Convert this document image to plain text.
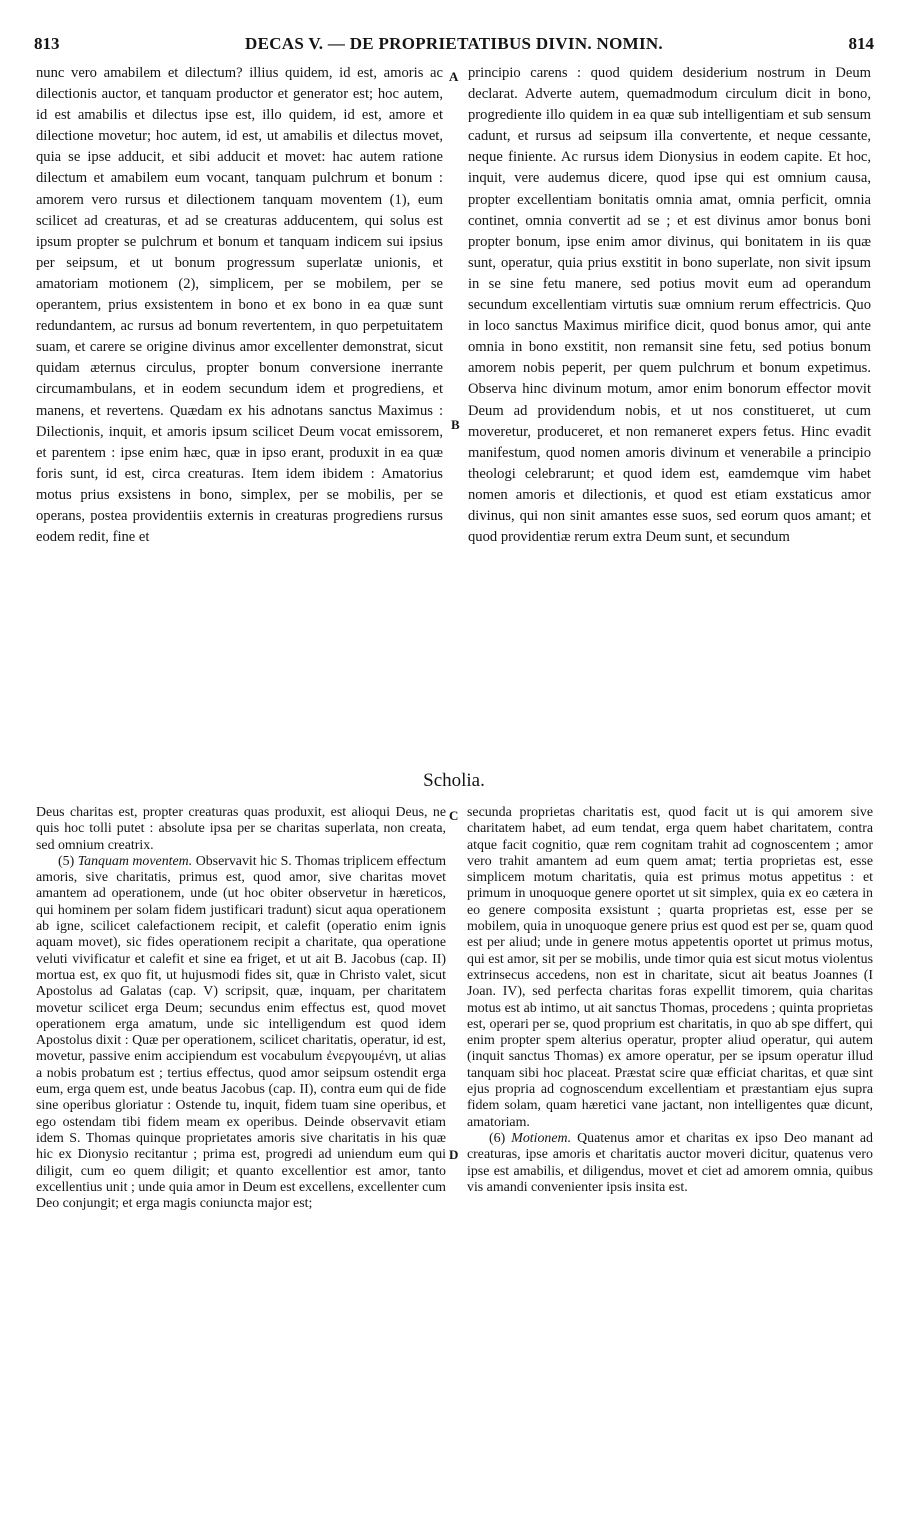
813	DECAS V. — DE PROPRIETATIBUS DIVIN. NOMIN.	814

nunc vero amabilem et dilectum? illius quidem, id est, amoris ac dilectionis auctor, et tanquam productor et generator est; hoc autem, id est amabilis et dilectus ipse est, illo quidem, id est, amore et dilectione movetur; hoc autem, id est, ut amabilis et dilectus movet, quia se ipse adducit, et sibi adducit et movet: hac autem ratione dilectum et amabilem eum vocant, tanquam pulchrum et bonum : amorem vero rursus et dilectionem tanquam moventem (1), eum scilicet ad creaturas, et ad se creaturas adducentem, qui solus est ipsum propter se pulchrum et bonum et tanquam indicem sui ipsius per seipsum, et ut bonum progressum superlatæ unionis, et amatoriam motionem (2), simplicem, per se mobilem, per se operantem, prius exsistentem in bono et ex bono in ea quæ sunt redundantem, ac rursus ad bonum revertentem, in quo perpetuitatem suam, et carere se origine divinus amor excellenter demonstrat, sicut quidam æternus circulus, propter bonum conversione inerrante circumambulans, et in eodem secundum idem et progrediens, et manens, et revertens. Quædam ex his adnotans sanctus Maximus : Dilectionis, inquit, et amoris ipsum scilicet Deum vocat emissorem, et parentem : ipse enim hæc, quæ in ipso erant, produxit in ea quæ foris sunt, id est, circa creaturas. Item idem ibidem : Amatorius motus prius exsistens in bono, simplex, per se mobilis, per se operans, postea providentiis externis in creaturas progrediens rursus eodem redit, fine et

principio carens : quod quidem desiderium nostrum in Deum declarat. Adverte autem, quemadmodum circulum dicit in bono, progrediente illo quidem in ea quæ sub intelligentiam et sub sensum cadunt, et rursus ad seipsum illa convertente, et neque cessante, neque finiente. Ac rursus idem Dionysius in eodem capite. Et hoc, inquit, vere audemus dicere, quod ipse qui est omnium causa, propter excellentiam bonitatis omnia amat, omnia perficit, omnia continet, omnia convertit ad se ; et est divinus amor bonus boni propter bonum, ipse enim amor divinus, qui bonitatem in iis quæ sunt, operatur, quia prius exstitit in bono superlate, non sivit ipsum in se sine fetu manere, sed potius movit eum ad operandum secundum excellentiam virtutis suæ omnium rerum effectricis. Quo in loco sanctus Maximus mirifice dicit, quod bonus amor, qui ante omnia in bono exstitit, non remansit sine fetu, sed potius bonum amorem nobis peperit, per quem pulchrum et bonum expetimus. Observa hinc divinum motum, amor enim bonorum effector movit Deum ad providendum nobis, et ut nos constitueret, ut cum moveretur, produceret, et non remaneret expers fetus. Hinc evadit manifestum, quod nomen amoris divinum et venerabile a principio theologi celebrarunt; et quod idem est, eamdemque vim habet nomen amoris et dilectionis, et quod est etiam exstaticus amor divinus, qui non sinit amantes esse suos, sed eorum quos amant; et quod providentiæ rerum extra Deum sunt, et secundum

A
B
Scholia.

Deus charitas est, propter creaturas quas produxit, est alioqui Deus, ne quis hoc tolli putet : absolute ipsa per se charitas superlata, non creata, sed omnium creatrix.

(5) Tanquam moventem. Observavit hic S. Thomas triplicem effectum amoris, sive charitatis, primus est, quod amor, sive charitas movet amantem ad operationem, unde (ut hoc obiter observetur in hæreticos, qui hominem per solam fidem justificari tradunt) sicut aqua operationem ab igne, scilicet calefactionem recipit, et calefit (operatio enim ignis aquam movet), sic fides operationem recipit a charitate, qua operatione veluti vivificatur et calefit et sine ea friget, et ut ait B. Jacobus (cap. II) mortua est, ex quo fit, ut hujusmodi fides sit, quæ in Christo valet, sicut Apostolus ad Galatas (cap. V) scripsit, quæ, inquam, per charitatem movetur scilicet erga Deum; secundus enim effectus est, quod movet operationem erga amatum, unde sic intelligendum est quod idem Apostolus dixit : Quæ per operationem, scilicet charitatis, operatur, id est, movetur, passive enim accipiendum est vocabulum ἐνεργουμένη, ut alias a nobis probatum est ; tertius effectus, quod amor seipsum ostendit erga eum, erga quem est, unde beatus Jacobus (cap. II), contra eum qui de fide sine operibus gloriatur : Ostende tu, inquit, fidem tuam sine operibus, et ego ostendam tibi fidem meam ex operibus. Deinde observavit etiam idem S. Thomas quinque proprietates amoris sive charitatis in his quæ hic ex Dionysio recitantur ; prima est, progredi ad uniendum eum qui diligit, cum eo quem diligit; et quanto excellentior est amor, tanto excellentius unit ; unde quia amor in Deum est excellens, excellenter cum Deo conjungit; et erga magis coniuncta major est;

secunda proprietas charitatis est, quod facit ut is qui amorem sive charitatem habet, ad eum tendat, erga quem habet charitatem, contra atque facit cognitio, quæ rem cognitam trahit ad cognoscentem ; amor vero trahit amantem ad eum quem amat; tertia proprietas est, esse simplicem motum charitatis, quia est primus motus appetitus : et primum in unoquoque genere oportet ut sit simplex, quia ex eo cætera in eo genere composita exsistunt ; quarta proprietas est, esse per se mobilem, quia in unoquoque genere prius est quod est per se, quam quod est per aliud; unde in genere motus appetentis oportet ut primus motus, qui est amor, sit per se mobilis, unde timor quia est sicut motus violentus extrinsecus accedens, non est in charitate, sicut ait beatus Joannes (I Joan. IV), sed perfecta charitas foras expellit timorem, quia charitas motus est ab intimo, ut ait sanctus Thomas, procedens ; quinta proprietas est, operari per se, quod proprium est charitatis, in quo ab spe differt, qui enim propter spem alterius operatur, propter aliud operatur, qui autem (inquit sanctus Thomas) ex amore operatur, per se ipsum operatur illud tanquam sibi hoc placeat. Præstat scire quæ efficiat charitas, et quæ sint ejus propria ad cognoscendum excellentiam et præstantiam ejus supra fidem solam, quam hæretici vane jactant, non intelligentes quæ dicunt, amatoriam.

(6) Motionem. Quatenus amor et charitas ex ipso Deo manant ad creaturas, ipse amoris et charitatis auctor moveri dicitur, quatenus vero ipse est amabilis, et diligendus, movet et ciet ad amorem omnia, quibus vis amandi convenienter ipsis insita est.

C
D
